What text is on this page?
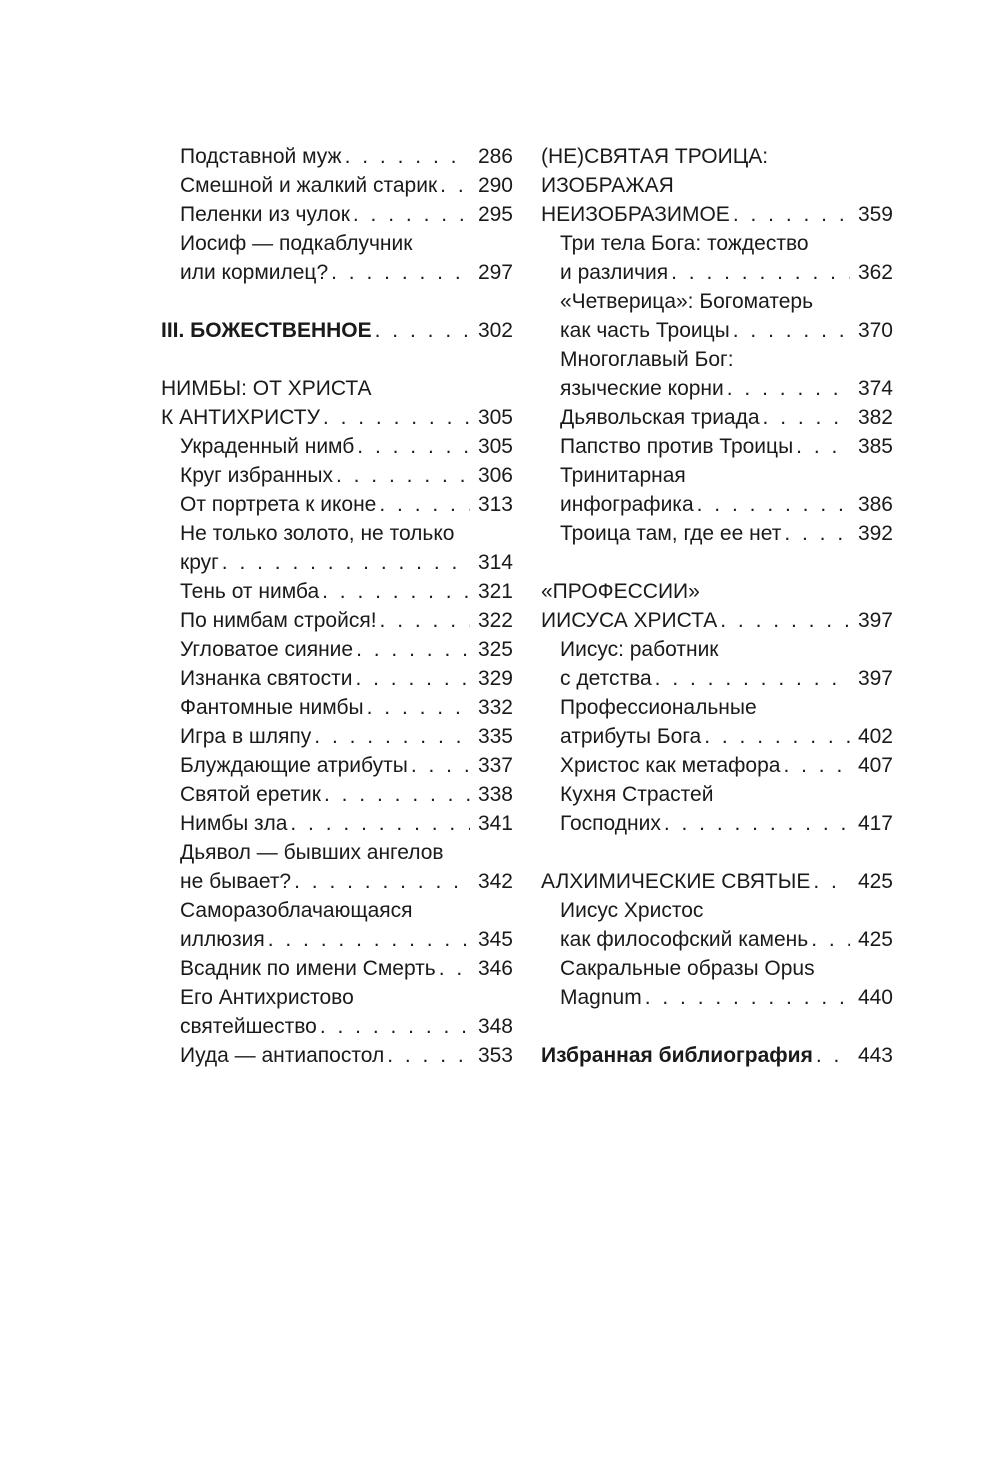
Подставной муж . . .	286
Смешной и жалкий старик . . .	290
Пеленки из чулок . . .	295
Иосиф — подкаблучник
или кормилец? . . .	297
III. БОЖЕСТВЕННОЕ . . .	302
НИМБЫ: ОТ ХРИСТА
К АНТИХРИСТУ . . .	305
Украденный нимб . . .	305
Круг избранных . . .	306
От портрета к иконе . . .	313
Не только золото, не только
круг . . .	314
Тень от нимба . . .	321
По нимбам стройся! . . .	322
Угловатое сияние . . .	325
Изнанка святости . . .	329
Фантомные нимбы . . .	332
Игра в шляпу . . .	335
Блуждающие атрибуты . . .	337
Святой еретик . . .	338
Нимбы зла . . .	341
Дьявол — бывших ангелов
не бывает? . . .	342
Саморазоблачающаяся
иллюзия . . .	345
Всадник по имени Смерть . . .	346
Его Антихристово
святейшество . . .	348
Иуда — антиапостол . . .	353
(НЕ)СВЯТАЯ ТРОИЦА:
ИЗОБРАЖАЯ
НЕИЗОБРАЗИМОЕ . . .	359
Три тела Бога: тождество
и различия . . .	362
«Четверица»: Богоматерь
как часть Троицы . . .	370
Многоглавый Бог:
языческие корни . . .	374
Дьявольская триада . . .	382
Папство против Троицы . . .	385
Тринитарная
инфографика . . .	386
Троица там, где ее нет . . .	392
«ПРОФЕССИИ»
ИИСУСА ХРИСТА . . .	397
Иисус: работник
с детства . . .	397
Профессиональные
атрибуты Бога . . .	402
Христос как метафора . . .	407
Кухня Страстей
Господних . . .	417
АЛХИМИЧЕСКИЕ СВЯТЫЕ . . .	425
Иисус Христос
как философский камень . . .	425
Сакральные образы Opus
Magnum . . .	440
Избранная библиография . . .	443
